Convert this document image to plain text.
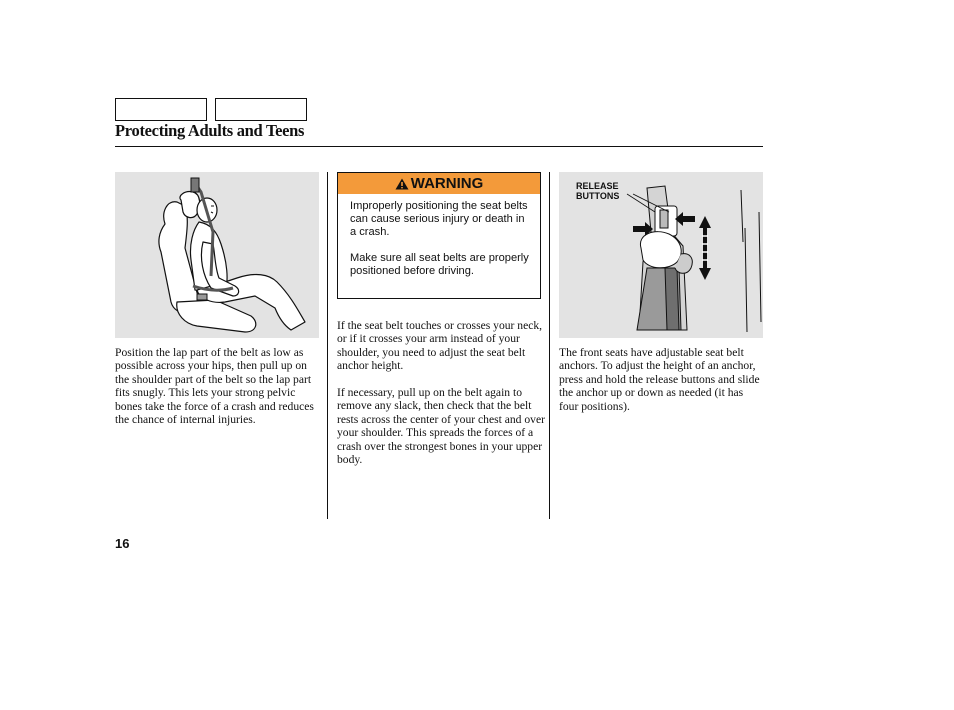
Protecting Adults and Teens

Position the lap part of the belt as low as possible across your hips, then pull up on the shoulder part of the belt so the lap part fits snugly. This lets your strong pelvic bones take the force of a crash and reduces the chance of internal injuries.

WARNING

Improperly positioning the seat belts can cause serious injury or death in a crash.

Make sure all seat belts are properly positioned before driving.

If the seat belt touches or crosses your neck, or if it crosses your arm instead of your shoulder, you need to adjust the seat belt anchor height.

If necessary, pull up on the belt again to remove any slack, then check that the belt rests across the center of your chest and over your shoulder. This spreads the forces of a crash over the strongest bones in your upper body.

RELEASE
BUTTONS

The front seats have adjustable seat belt anchors. To adjust the height of an anchor, press and hold the release buttons and slide the anchor up or down as needed (it has four positions).

16
